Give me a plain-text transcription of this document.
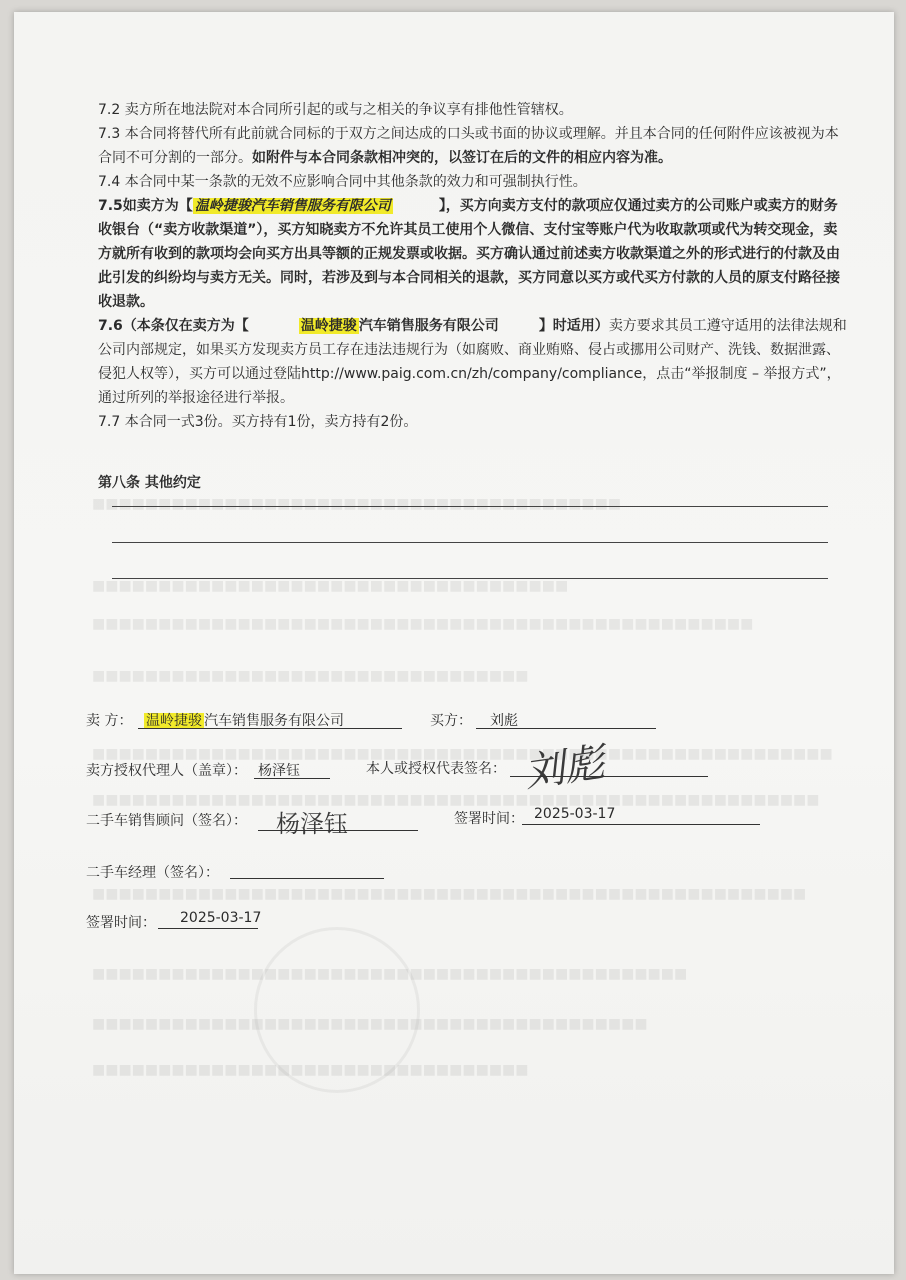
■■■■■■■■■■■■■■■■■■■■■■■■■■■■■■■■■■■■■■■■
■■■■■■■■■■■■■■■■■■■■■■■■■■■■■■■■■■■■
■■■■■■■■■■■■■■■■■■■■■■■■■■■■■■■■■■■■■■■■■■■■■■■■■■
■■■■■■■■■■■■■■■■■■■■■■■■■■■■■■■■■
■■■■■■■■■■■■■■■■■■■■■■■■■■■■■■■■■■■■■■■■■■■■■■■■■■■■■■■■
■■■■■■■■■■■■■■■■■■■■■■■■■■■■■■■■■■■■■■■■■■■■■■■■■■■■■■■
■■■■■■■■■■■■■■■■■■■■■■■■■■■■■■■■■■■■■■■■■■■■■■■■■■■■■■
■■■■■■■■■■■■■■■■■■■■■■■■■■■■■■■■■■■■■■■■■■■■■
■■■■■■■■■■■■■■■■■■■■■■■■■■■■■■■■■■■■■■■■■■
■■■■■■■■■■■■■■■■■■■■■■■■■■■■■■■■■

7.2 卖方所在地法院对本合同所引起的或与之相关的争议享有排他性管辖权。

7.3 本合同将替代所有此前就合同标的于双方之间达成的口头或书面的协议或理解。并且本合同的任何附件应该被视为本合同不可分割的一部分。如附件与本合同条款相冲突的，以签订在后的文件的相应内容为准。

7.4 本合同中某一条款的无效不应影响合同中其他条款的效力和可强制执行性。

7.5如卖方为【 温岭捷骏汽车销售服务有限公司	】，买方向卖方支付的款项应仅通过卖方的公司账户或卖方的财务收银台（“卖方收款渠道”），买方知晓卖方不允许其员工使用个人微信、支付宝等账户代为收取款项或代为转交现金，卖方就所有收到的款项均会向买方出具等额的正规发票或收据。买方确认通过前述卖方收款渠道之外的形式进行的付款及由此引发的纠纷均与卖方无关。同时，若涉及到与本合同相关的退款，买方同意以买方或代买方付款的人员的原支付路径接收退款。

7.6（本条仅在卖方为【	温岭捷骏 汽车销售服务有限公司	】时适用）卖方要求其员工遵守适用的法律法规和公司内部规定，如果买方发现卖方员工存在违法违规行为（如腐败、商业贿赂、侵占或挪用公司财产、洗钱、数据泄露、侵犯人权等），买方可以通过登陆http://www.paig.com.cn/zh/company/compliance，点击“举报制度 – 举报方式”，通过所列的举报途径进行举报。

7.7 本合同一式3份。买方持有1份，卖方持有2份。

第八条 其他约定
卖 方： 温岭捷骏 汽车销售服务有限公司	买方： 刘彪
卖方授权代理人（盖章）： 杨泽钰	本人或授权代表签名： 刘彪
二手车销售顾问（签名）： 杨泽钰	签署时间： 2025-03-17
二手车经理（签名）：
签署时间： 2025-03-17
